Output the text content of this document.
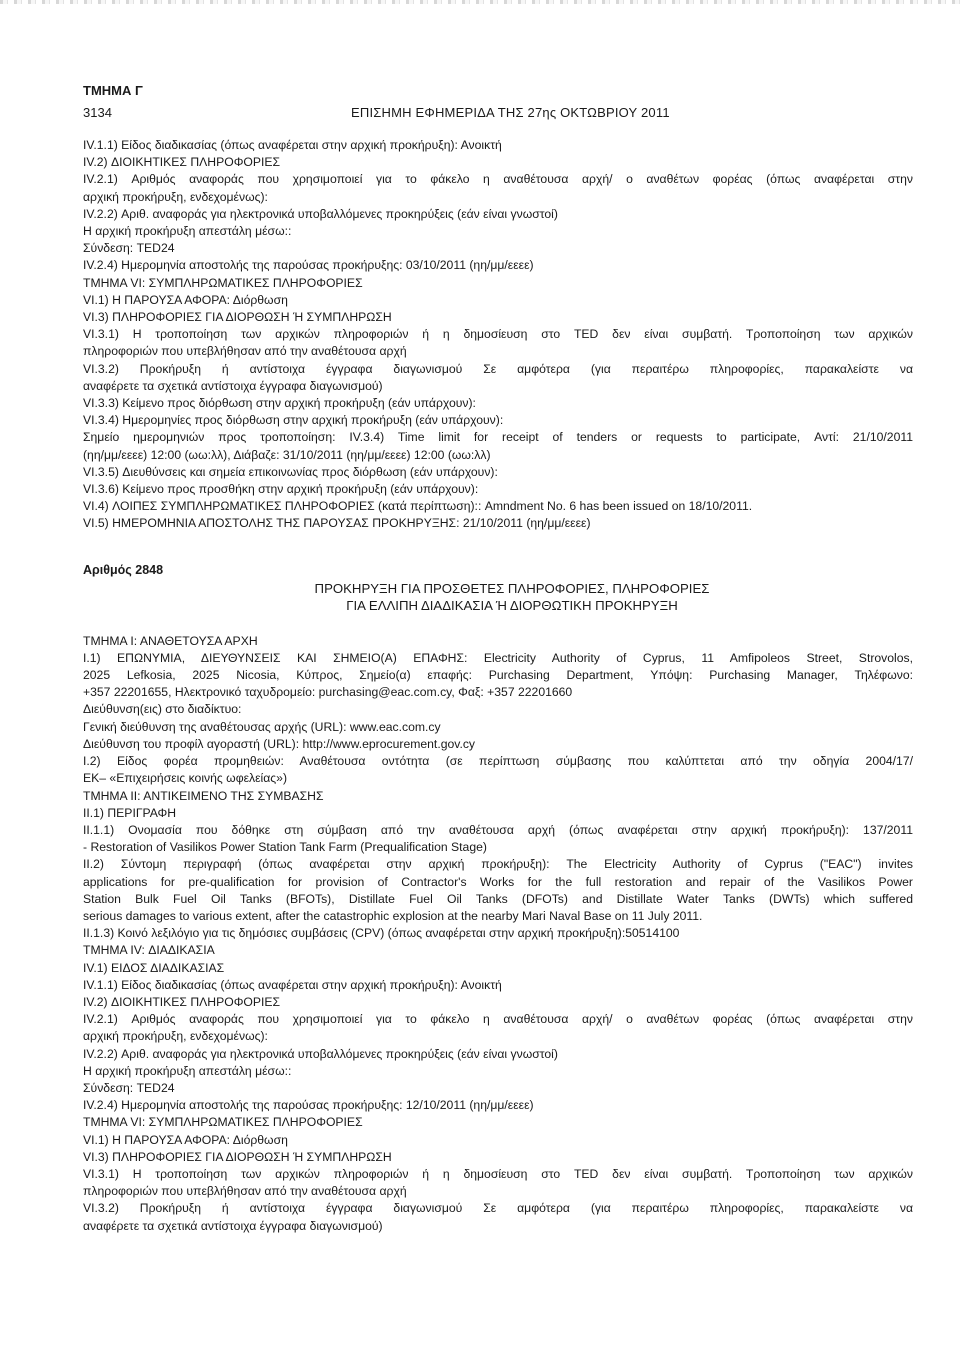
ΤΜΗΜΑ Γ
3134	ΕΠΙΣΗΜΗ ΕΦΗΜΕΡΙΔΑ ΤΗΣ 27ης ΟΚΤΩΒΡΙΟΥ 2011
IV.1.1) Είδος διαδικασίας (όπως αναφέρεται στην αρχική προκήρυξη): Ανοικτή
IV.2) ΔΙΟΙΚΗΤΙΚΕΣ ΠΛΗΡΟΦΟΡΙΕΣ
IV.2.1) Αριθμός αναφοράς που χρησιμοποιεί για το φάκελο η αναθέτουσα αρχή/ ο αναθέτων φορέας (όπως αναφέρεται στην
αρχική προκήρυξη, ενδεχομένως):
IV.2.2) Αριθ. αναφοράς για ηλεκτρονικά υποβαλλόμενες προκηρύξεις (εάν είναι γνωστοί)
Η αρχική προκήρυξη απεστάλη μέσω::
Σύνδεση: TED24
IV.2.4) Ημερομηνία αποστολής της παρούσας προκήρυξης: 03/10/2011 (ηη/μμ/εεεε)
ΤΜΗΜΑ VI: ΣΥΜΠΛΗΡΩΜΑΤΙΚΕΣ ΠΛΗΡΟΦΟΡΙΕΣ
VI.1) Η ΠΑΡΟΥΣΑ ΑΦΟΡΑ: Διόρθωση
VI.3) ΠΛΗΡΟΦΟΡΙΕΣ ΓΙΑ ΔΙΟΡΘΩΣΗ Ή ΣΥΜΠΛΗΡΩΣΗ
VI.3.1) Η τροποποίηση των αρχικών πληροφοριών ή η δημοσίευση στο TED δεν είναι συμβατή. Τροποποίηση των αρχικών
πληροφοριών που υπεβλήθησαν από την αναθέτουσα αρχή
VI.3.2) Προκήρυξη ή αντίστοιχα έγγραφα διαγωνισμού Σε αμφότερα (για περαιτέρω πληροφορίες, παρακαλείστε να
αναφέρετε τα σχετικά αντίστοιχα έγγραφα διαγωνισμού)
VI.3.3) Κείμενο προς διόρθωση στην αρχική προκήρυξη (εάν υπάρχουν):
VI.3.4) Ημερομηνίες προς διόρθωση στην αρχική προκήρυξη (εάν υπάρχουν):
Σημείο ημερομηνιών προς τροποποίηση: IV.3.4) Time limit for receipt of tenders or requests to participate, Αντί: 21/10/2011
(ηη/μμ/εεεε) 12:00 (ωω:λλ), Διάβαζε: 31/10/2011 (ηη/μμ/εεεε) 12:00 (ωω:λλ)
VI.3.5) Διευθύνσεις και σημεία επικοινωνίας προς διόρθωση (εάν υπάρχουν):
VI.3.6) Κείμενο προς προσθήκη στην αρχική προκήρυξη (εάν υπάρχουν):
VI.4) ΛΟΙΠΕΣ ΣΥΜΠΛΗΡΩΜΑΤΙΚΕΣ ΠΛΗΡΟΦΟΡΙΕΣ (κατά περίπτωση):: Amndment No. 6 has been issued on 18/10/2011.
VI.5) ΗΜΕΡΟΜΗΝΙΑ ΑΠΟΣΤΟΛΗΣ ΤΗΣ ΠΑΡΟΥΣΑΣ ΠΡΟΚΗΡΥΞΗΣ: 21/10/2011 (ηη/μμ/εεεε)
Αριθμός 2848
ΠΡΟΚΗΡΥΞΗ ΓΙΑ ΠΡΟΣΘΕΤΕΣ ΠΛΗΡΟΦΟΡΙΕΣ, ΠΛΗΡΟΦΟΡΙΕΣ
ΓΙΑ ΕΛΛΙΠΗ ΔΙΑΔΙΚΑΣΙΑ Ή ΔΙΟΡΘΩΤΙΚΗ ΠΡΟΚΗΡΥΞΗ
ΤΜΗΜΑ Ι: ΑΝΑΘΕΤΟΥΣΑ ΑΡΧΗ
I.1) ΕΠΩΝΥΜΙΑ, ΔΙΕΥΘΥΝΣΕΙΣ ΚΑΙ ΣΗΜΕΙΟ(Α) ΕΠΑΦΗΣ: Electricity Authority of Cyprus, 11 Amfipoleos Street, Strovolos,
2025 Lefkosia, 2025 Nicosia, Κύπρος, Σημείο(α) επαφής: Purchasing Department, Υπόψη: Purchasing Manager, Τηλέφωνο:
+357 22201655, Ηλεκτρονικό ταχυδρομείο: purchasing@eac.com.cy, Φαξ: +357 22201660
Διεύθυνση(εις) στο διαδίκτυο:
Γενική διεύθυνση της αναθέτουσας αρχής (URL): www.eac.com.cy
Διεύθυνση του προφίλ αγοραστή (URL): http://www.eprocurement.gov.cy
I.2) Είδος φορέα προμηθειών: Αναθέτουσα οντότητα (σε περίπτωση σύμβασης που καλύπτεται από την οδηγία 2004/17/
ΕΚ– «Επιχειρήσεις κοινής ωφελείας»)
ΤΜΗΜΑ ΙΙ: ΑΝΤΙΚΕΙΜΕΝΟ ΤΗΣ ΣΥΜΒΑΣΗΣ
II.1) ΠΕΡΙΓΡΑΦΗ
II.1.1) Ονομασία που δόθηκε στη σύμβαση από την αναθέτουσα αρχή (όπως αναφέρεται στην αρχική προκήρυξη): 137/2011
- Restoration of Vasilikos Power Station Tank Farm (Prequalification Stage)
II.2) Σύντομη περιγραφή (όπως αναφέρεται στην αρχική προκήρυξη): The Electricity Authority of Cyprus ("EAC") invites
applications for pre-qualification for provision of Contractor's Works for the full restoration and repair of the Vasilikos Power
Station Bulk Fuel Oil Tanks (BFOTs), Distillate Fuel Oil Tanks (DFOTs) and Distillate Water Tanks (DWTs) which suffered
serious damages to various extent, after the catastrophic explosion at the nearby Mari Naval Base on 11 July 2011.
II.1.3) Κοινό λεξιλόγιο για τις δημόσιες συμβάσεις (CPV) (όπως αναφέρεται στην αρχική προκήρυξη):50514100
ΤΜΗΜΑ IV: ΔΙΑΔΙΚΑΣΙΑ
IV.1) ΕΙΔΟΣ ΔΙΑΔΙΚΑΣΙΑΣ
IV.1.1) Είδος διαδικασίας (όπως αναφέρεται στην αρχική προκήρυξη): Ανοικτή
IV.2) ΔΙΟΙΚΗΤΙΚΕΣ ΠΛΗΡΟΦΟΡΙΕΣ
IV.2.1) Αριθμός αναφοράς που χρησιμοποιεί για το φάκελο η αναθέτουσα αρχή/ ο αναθέτων φορέας (όπως αναφέρεται στην
αρχική προκήρυξη, ενδεχομένως):
IV.2.2) Αριθ. αναφοράς για ηλεκτρονικά υποβαλλόμενες προκηρύξεις (εάν είναι γνωστοί)
Η αρχική προκήρυξη απεστάλη μέσω::
Σύνδεση: TED24
IV.2.4) Ημερομηνία αποστολής της παρούσας προκήρυξης: 12/10/2011 (ηη/μμ/εεεε)
ΤΜΗΜΑ VI: ΣΥΜΠΛΗΡΩΜΑΤΙΚΕΣ ΠΛΗΡΟΦΟΡΙΕΣ
VI.1) Η ΠΑΡΟΥΣΑ ΑΦΟΡΑ: Διόρθωση
VI.3) ΠΛΗΡΟΦΟΡΙΕΣ ΓΙΑ ΔΙΟΡΘΩΣΗ Ή ΣΥΜΠΛΗΡΩΣΗ
VI.3.1) Η τροποποίηση των αρχικών πληροφοριών ή η δημοσίευση στο TED δεν είναι συμβατή. Τροποποίηση των αρχικών
πληροφοριών που υπεβλήθησαν από την αναθέτουσα αρχή
VI.3.2) Προκήρυξη ή αντίστοιχα έγγραφα διαγωνισμού Σε αμφότερα (για περαιτέρω πληροφορίες, παρακαλείστε να
αναφέρετε τα σχετικά αντίστοιχα έγγραφα διαγωνισμού)
